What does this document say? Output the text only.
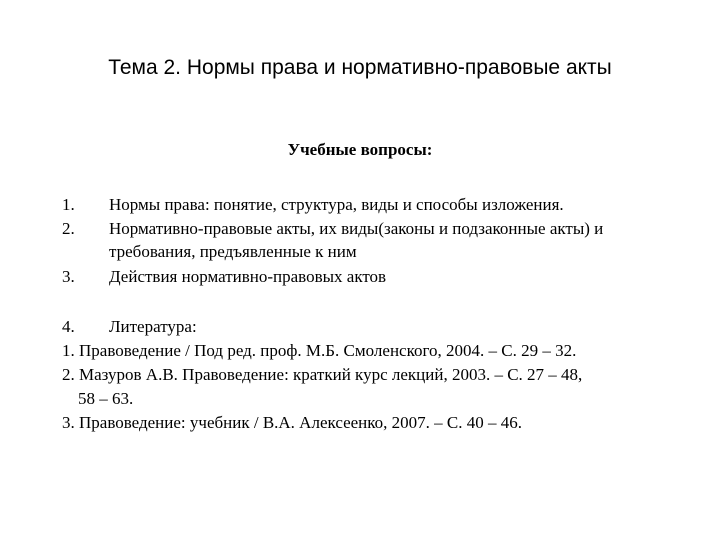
Тема 2. Нормы права и нормативно-правовые акты
Учебные вопросы:
1. Нормы права: понятие, структура, виды и способы изложения.
2. Нормативно-правовые акты, их виды(законы и подзаконные акты) и требования, предъявленные к ним
3. Действия нормативно-правовых актов
4. Литература:
1. Правоведение / Под ред. проф. М.Б. Смоленского, 2004. – С. 29 – 32.
2. Мазуров А.В. Правоведение: краткий курс лекций, 2003. – С. 27 – 48,
58 – 63.
3. Правоведение: учебник / В.А. Алексеенко, 2007. – С. 40 – 46.
